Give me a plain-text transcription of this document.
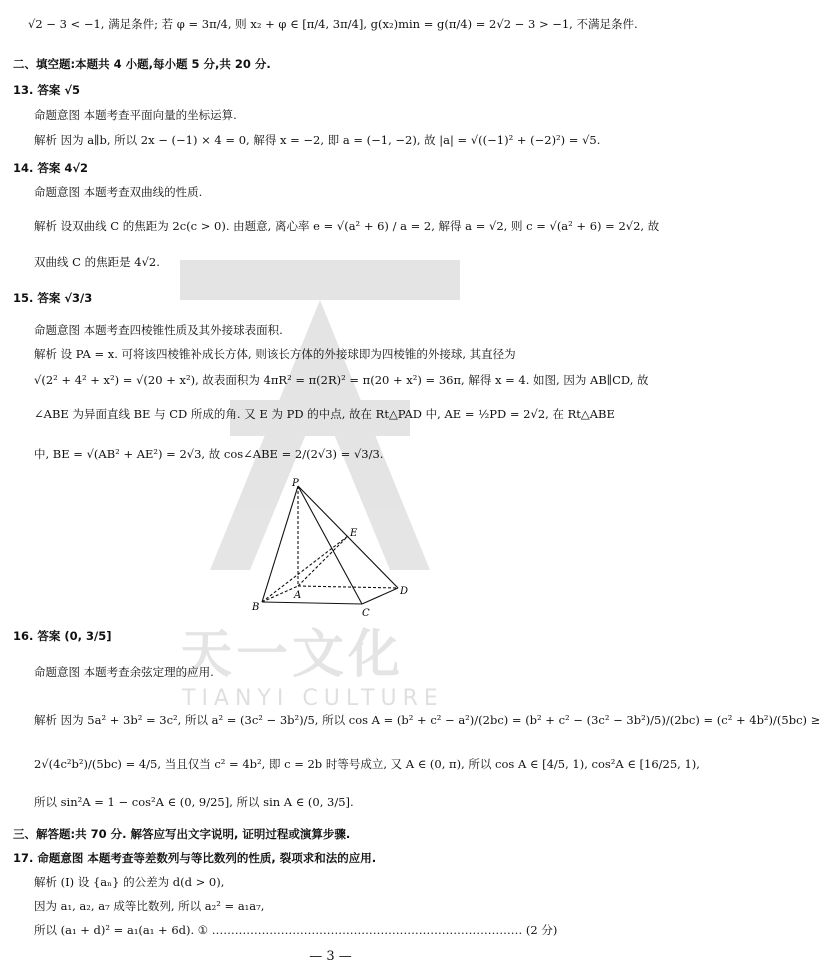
天一文化
TIANYI CULTURE
√2 − 3 < −1, 满足条件; 若 φ = 3π/4, 则 x₂ + φ ∈ [π/4, 3π/4], g(x₂)min = g(π/4) = 2√2 − 3 > −1, 不满足条件.
二、填空题:本题共 4 小题,每小题 5 分,共 20 分.
13. 答案 √5
命题意图 本题考查平面向量的坐标运算.
解析 因为 a∥b, 所以 2x − (−1) × 4 = 0, 解得 x = −2, 即 a = (−1, −2), 故 |a| = √((−1)² + (−2)²) = √5.
14. 答案 4√2
命题意图 本题考查双曲线的性质.
解析 设双曲线 C 的焦距为 2c(c > 0). 由题意, 离心率 e = √(a² + 6) / a = 2, 解得 a = √2, 则 c = √(a² + 6) = 2√2, 故
双曲线 C 的焦距是 4√2.
15. 答案 √3/3
命题意图 本题考查四棱锥性质及其外接球表面积.
解析 设 PA = x. 可将该四棱锥补成长方体, 则该长方体的外接球即为四棱锥的外接球, 其直径为
√(2² + 4² + x²) = √(20 + x²), 故表面积为 4πR² = π(2R)² = π(20 + x²) = 36π, 解得 x = 4. 如图, 因为 AB∥CD, 故
∠ABE 为异面直线 BE 与 CD 所成的角. 又 E 为 PD 的中点, 故在 Rt△PAD 中, AE = ½PD = 2√2, 在 Rt△ABE
中, BE = √(AB² + AE²) = 2√3, 故 cos∠ABE = 2/(2√3) = √3/3.
P
E
A
B
C
D
16. 答案 (0, 3/5]
命题意图 本题考查余弦定理的应用.
解析 因为 5a² + 3b² = 3c², 所以 a² = (3c² − 3b²)/5, 所以 cos A = (b² + c² − a²)/(2bc) = (b² + c² − (3c² − 3b²)/5)/(2bc) = (c² + 4b²)/(5bc) ≥
2√(4c²b²)/(5bc) = 4/5, 当且仅当 c² = 4b², 即 c = 2b 时等号成立, 又 A ∈ (0, π), 所以 cos A ∈ [4/5, 1), cos²A ∈ [16/25, 1),
所以 sin²A = 1 − cos²A ∈ (0, 9/25], 所以 sin A ∈ (0, 3/5].
三、解答题:共 70 分. 解答应写出文字说明, 证明过程或演算步骤.
17. 命题意图 本题考查等差数列与等比数列的性质, 裂项求和法的应用.
解析 (Ⅰ) 设 {aₙ} 的公差为 d(d > 0),
因为 a₁, a₂, a₇ 成等比数列, 所以 a₂² = a₁a₇,
所以 (a₁ + d)² = a₁(a₁ + 6d). ① ……………………………………………………………………… (2 分)
— 3 —
